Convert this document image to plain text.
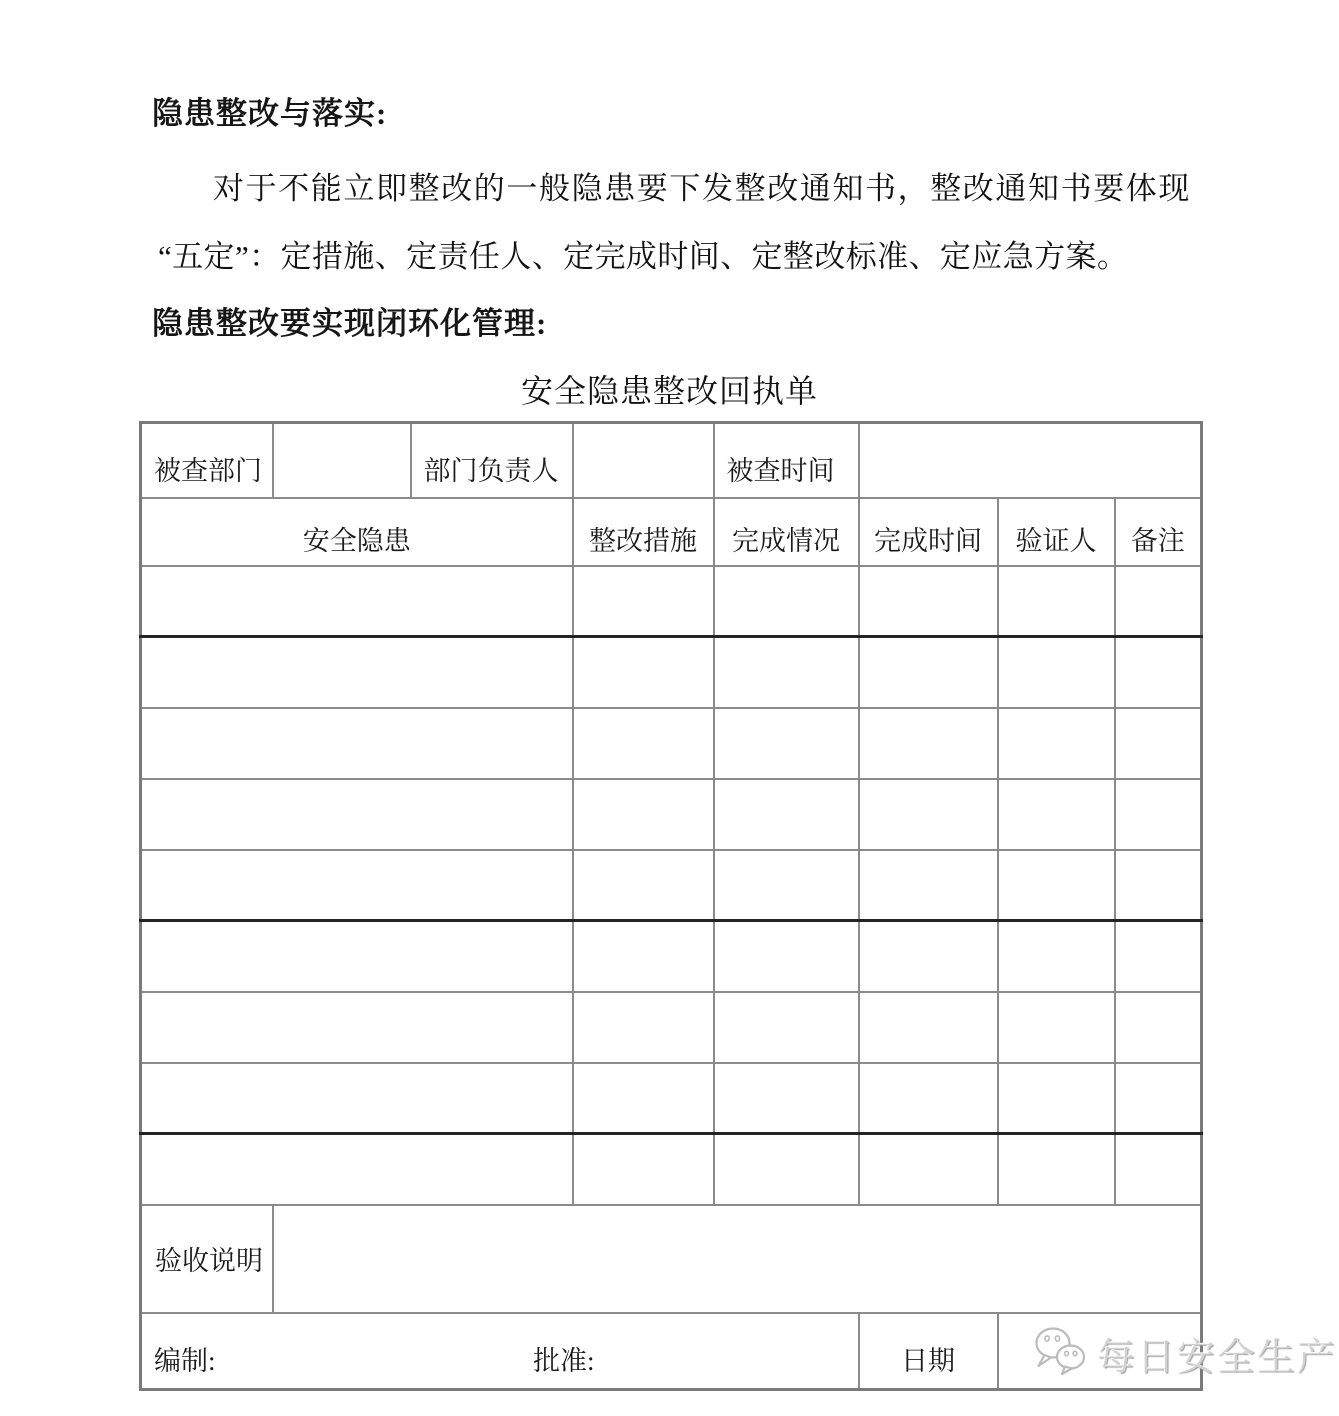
隐患整改与落实:
对于不能立即整改的一般隐患要下发整改通知书，整改通知书要体现
“五定”：定措施、定责任人、定完成时间、定整改标准、定应急方案。
隐患整改要实现闭环化管理:
安全隐患整改回执单
被查部门		部门负责人		被查时间			
安全隐患			整改措施	完成情况	完成时间	验证人	备注

验收说明							

编制: 批准:					日期			每日安全生产
